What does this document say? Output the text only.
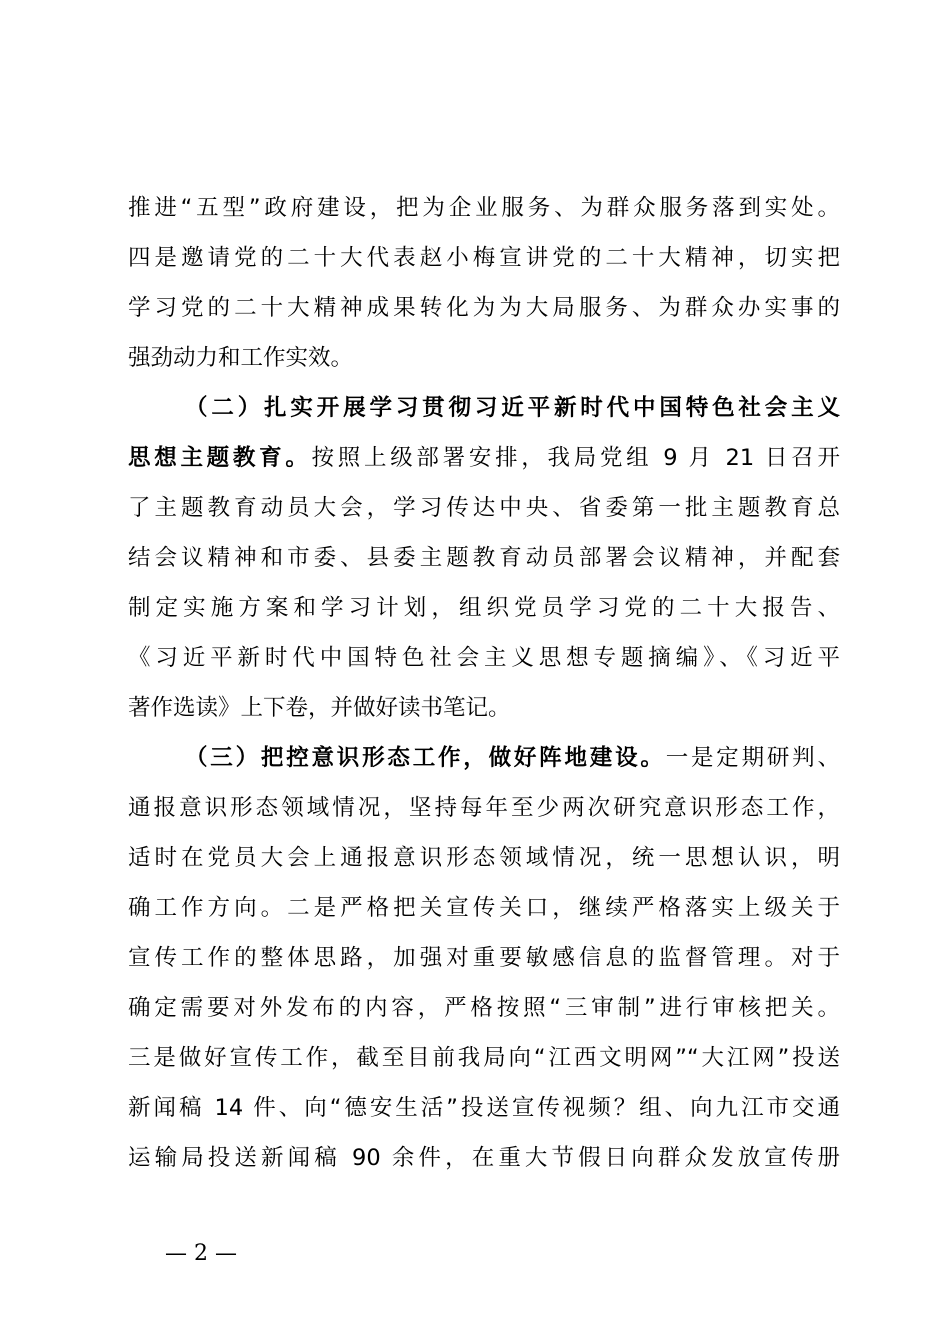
推进“五型”政府建设，把为企业服务、为群众服务落到实处。
四是邀请党的二十大代表赵小梅宣讲党的二十大精神，切实把
学习党的二十大精神成果转化为为大局服务、为群众办实事的
强劲动力和工作实效。
（二）扎实开展学习贯彻习近平新时代中国特色社会主义
思想主题教育。按照上级部署安排，我局党组 9 月 21 日召开
了主题教育动员大会，学习传达中央、省委第一批主题教育总
结会议精神和市委、县委主题教育动员部署会议精神，并配套
制定实施方案和学习计划，组织党员学习党的二十大报告、
《习近平新时代中国特色社会主义思想专题摘编》、《习近平
著作选读》上下卷，并做好读书笔记。
（三）把控意识形态工作，做好阵地建设。一是定期研判、
通报意识形态领域情况，坚持每年至少两次研究意识形态工作，
适时在党员大会上通报意识形态领域情况，统一思想认识，明
确工作方向。二是严格把关宣传关口，继续严格落实上级关于
宣传工作的整体思路，加强对重要敏感信息的监督管理。对于
确定需要对外发布的内容，严格按照“三审制”进行审核把关。
三是做好宣传工作，截至目前我局向“江西文明网”“大江网”投送
新闻稿 14 件、向“德安生活”投送宣传视频？组、向九江市交通
运输局投送新闻稿 90 余件，在重大节假日向群众发放宣传册
— 2 —
